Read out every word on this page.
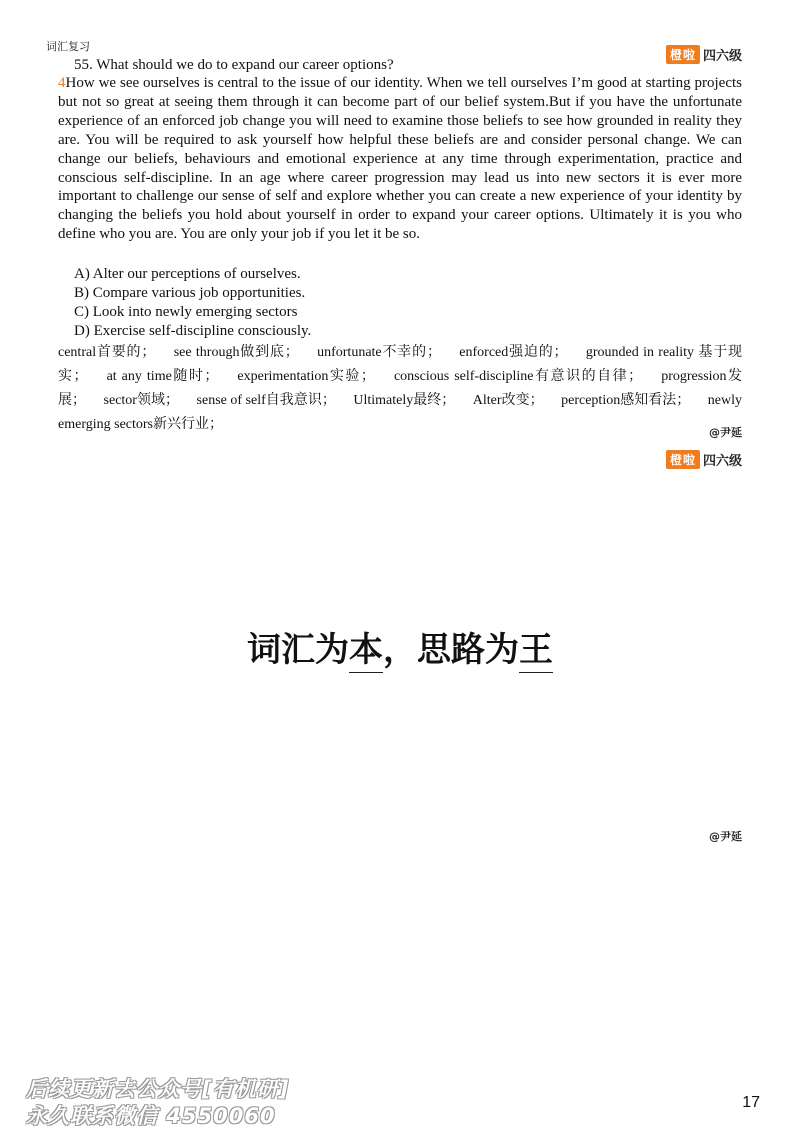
词汇复习
橙啦 四六级
55. What should we do to expand our career options?
4How we see ourselves is central to the issue of our identity. When we tell ourselves I’m good at starting projects but not so great at seeing them through it can become part of our belief system.But if you have the unfortunate experience of an enforced job change you will need to examine those beliefs to see how grounded in reality they are. You will be required to ask yourself how helpful these beliefs are and consider personal change. We can change our beliefs, behaviours and emotional experience at any time through experimentation, practice and conscious self-discipline. In an age where career progression may lead us into new sectors it is ever more important to challenge our sense of self and explore whether you can create a new experience of your identity by changing the beliefs you hold about yourself in order to expand your career options. Ultimately it is you who define who you are. You are only your job if you let it be so.
A) Alter our perceptions of ourselves.
B) Compare various job opportunities.
C) Look into newly emerging sectors
D) Exercise self-discipline consciously.
central首要的； see through做到底； unfortunate不幸的； enforced强迫的； grounded in reality 基于现实； at any time随时； experimentation实验； conscious self-discipline有意识的自律； progression发展； sector领域； sense of self自我意识； Ultimately最终； Alter改变； perception感知看法； newly emerging sectors新兴行业；
@尹延
橙啦 四六级
词汇为本，思路为王
@尹延
后续更新去公众号[有机研]
永久联系微信 4550060
17
